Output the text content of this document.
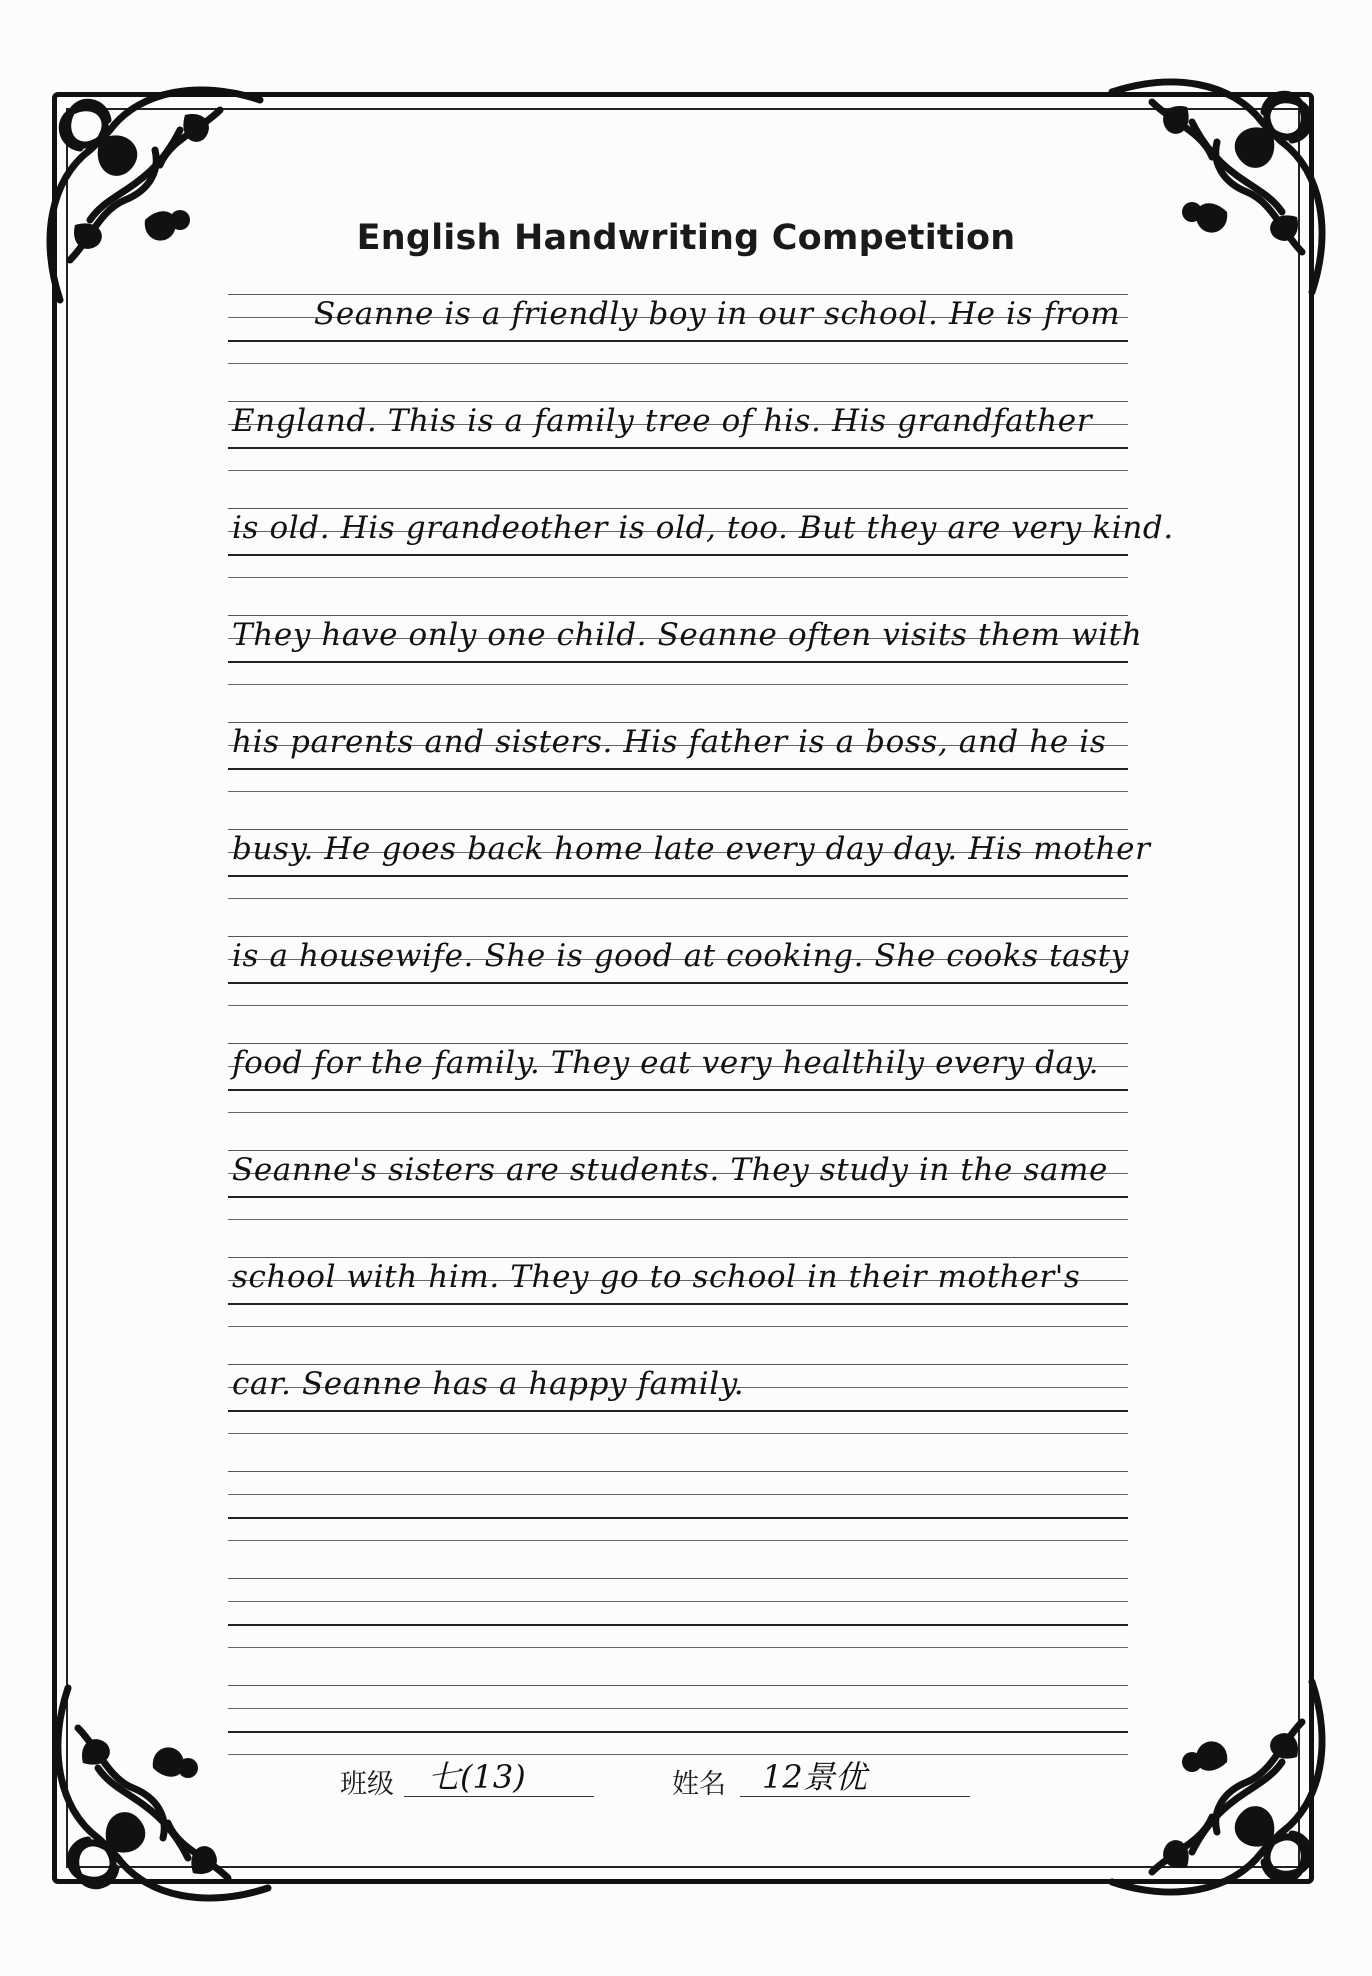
English Handwriting Competition
Seanne is a friendly boy in our school. He is from
England. This is a family tree of his. His grandfather
is old. His grandeother is old, too. But they are very kind.
They have only one child. Seanne often visits them with
his parents and sisters. His father is a boss, and he is
busy. He goes back home late every day day. His mother
is a housewife. She is good at cooking. She cooks tasty
food for the family. They eat very healthily every day.
Seanne's sisters are students. They study in the same
school with him. They go to school in their mother's
car. Seanne has a happy family.
班级 七(13)	姓名 12景优
